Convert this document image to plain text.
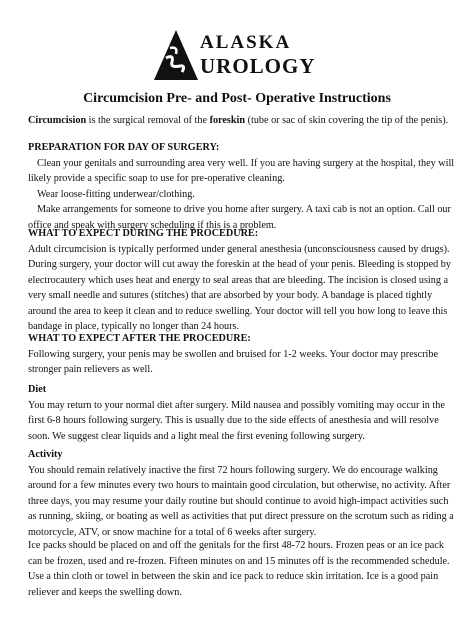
ALASKA
UROLOGY
Circumcision Pre- and Post- Operative Instructions

Circumcision is the surgical removal of the foreskin (tube or sac of skin covering the tip of the penis).

PREPARATION FOR DAY OF SURGERY:

Clean your genitals and surrounding area very well. If you are having surgery at the hospital, they will likely provide a specific soap to use for pre-operative cleaning.

Wear loose-fitting underwear/clothing.

Make arrangements for someone to drive you home after surgery. A taxi cab is not an option. Call our office and speak with surgery scheduling if this is a problem.

WHAT TO EXPECT DURING THE PROCEDURE:

Adult circumcision is typically performed under general anesthesia (unconsciousness caused by drugs). During surgery, your doctor will cut away the foreskin at the head of your penis. Bleeding is stopped by electrocautery which uses heat and energy to seal areas that are bleeding. The incision is closed using a very small needle and sutures (stitches) that are absorbed by your body. A bandage is placed tightly around the area to keep it clean and to reduce swelling. Your doctor will tell you how long to leave this bandage in place, typically no longer than 24 hours.

WHAT TO EXPECT AFTER THE PROCEDURE:

Following surgery, your penis may be swollen and bruised for 1-2 weeks. Your doctor may prescribe stronger pain relievers as well.

Diet

You may return to your normal diet after surgery. Mild nausea and possibly vomiting may occur in the first 6-8 hours following surgery. This is usually due to the side effects of anesthesia and will resolve soon. We suggest clear liquids and a light meal the first evening following surgery.

Activity

You should remain relatively inactive the first 72 hours following surgery. We do encourage walking around for a few minutes every two hours to maintain good circulation, but otherwise, no activity. After three days, you may resume your daily routine but should continue to avoid high-impact activities such as running, skiing, or boating as well as activities that put direct pressure on the scrotum such as riding a motorcycle, ATV, or snow machine for a total of 6 weeks after surgery.

Ice packs should be placed on and off the genitals for the first 48-72 hours. Frozen peas or an ice pack can be frozen, used and re-frozen. Fifteen minutes on and 15 minutes off is the recommended schedule. Use a thin cloth or towel in between the skin and ice pack to reduce skin irritation. Ice is a good pain reliever and keeps the swelling down.
